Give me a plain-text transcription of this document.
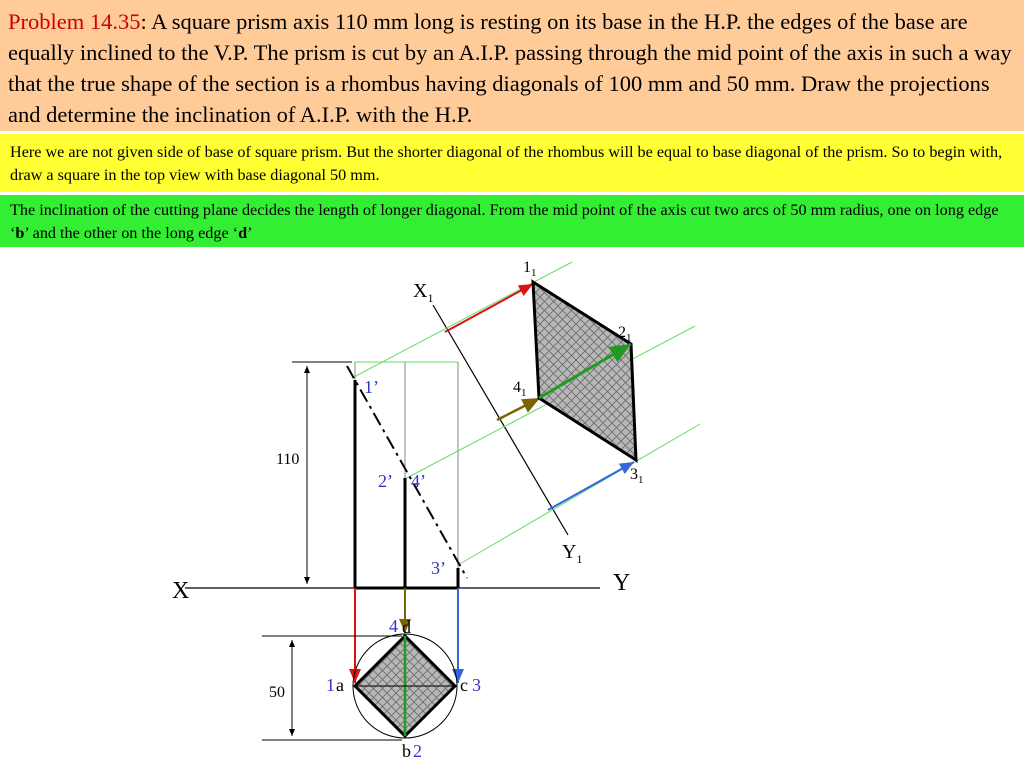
Problem 14.35: A square prism axis 110 mm long is resting on its base in the H.P. the edges of the base are equally inclined to the V.P. The prism is cut by an A.I.P. passing through the mid point of the axis in such a way that the true shape of the section is a rhombus having diagonals of 100 mm and 50 mm. Draw the projections and determine the inclination of A.I.P. with the H.P.
Here we are not given side of base of square prism. But the shorter diagonal of the rhombus will be equal to base diagonal of the prism. So to begin with, draw a square in the top view with base diagonal 50 mm.
The inclination of the cutting plane decides the length of longer diagonal. From the mid point of the axis cut two arcs of 50 mm radius, one on long edge ‘b’ and the other on the long edge ‘d’
X	Y
$X_1$
$Y_1$
110
50
1’
2’ 4’
3’
4 d
1 a	c 3
b 2
$1_1$
$2_1$
$4_1$
$3_1$
